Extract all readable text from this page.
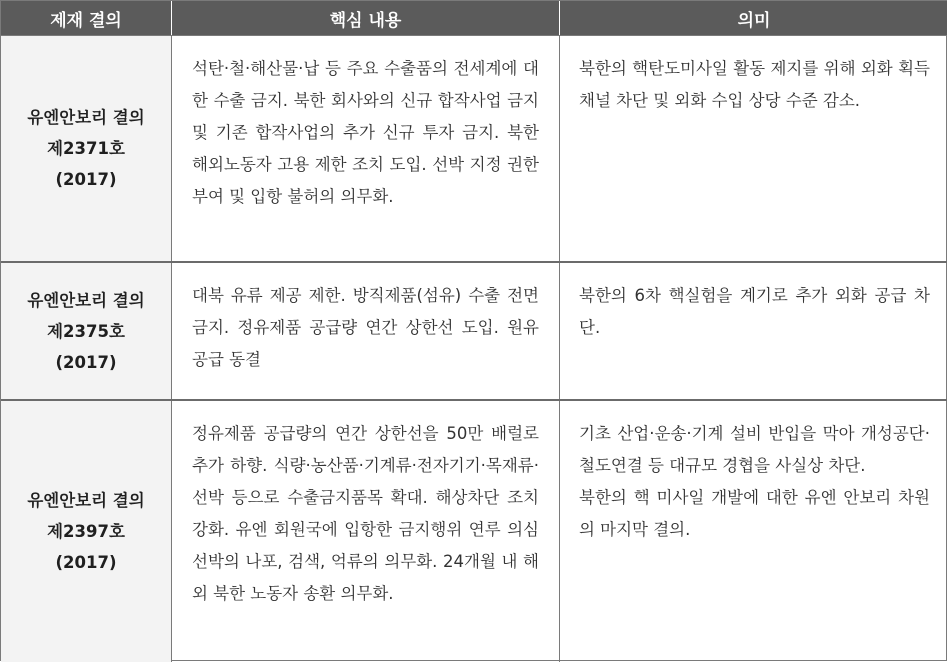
제재 결의	핵심 내용	의미
유엔안보리 결의
제2371호
(2017)

석탄·철·해산물·납 등 주요 수출품의 전세계에 대한 수출 금지. 북한 회사와의 신규 합작사업 금지 및 기존 합작사업의 추가 신규 투자 금지. 북한 해외노동자 고용 제한 조치 도입. 선박 지정 권한 부여 및 입항 불허의 의무화.

북한의 핵탄도미사일 활동 제지를 위해 외화 획득 채널 차단 및 외화 수입 상당 수준 감소.

유엔안보리 결의
제2375호
(2017)

대북 유류 제공 제한. 방직제품(섬유) 수출 전면 금지. 정유제품 공급량 연간 상한선 도입. 원유 공급 동결

북한의 6차 핵실험을 계기로 추가 외화 공급 차단.

유엔안보리 결의
제2397호
(2017)

정유제품 공급량의 연간 상한선을 50만 배럴로 추가 하향. 식량·농산품·기계류·전자기기·목재류·선박 등으로 수출금지품목 확대. 해상차단 조치 강화. 유엔 회원국에 입항한 금지행위 연루 의심 선박의 나포, 검색, 억류의 의무화. 24개월 내 해외 북한 노동자 송환 의무화.

기초 산업·운송·기계 설비 반입을 막아 개성공단·철도연결 등 대규모 경협을 사실상 차단.
북한의 핵 미사일 개발에 대한 유엔 안보리 차원의 마지막 결의.
